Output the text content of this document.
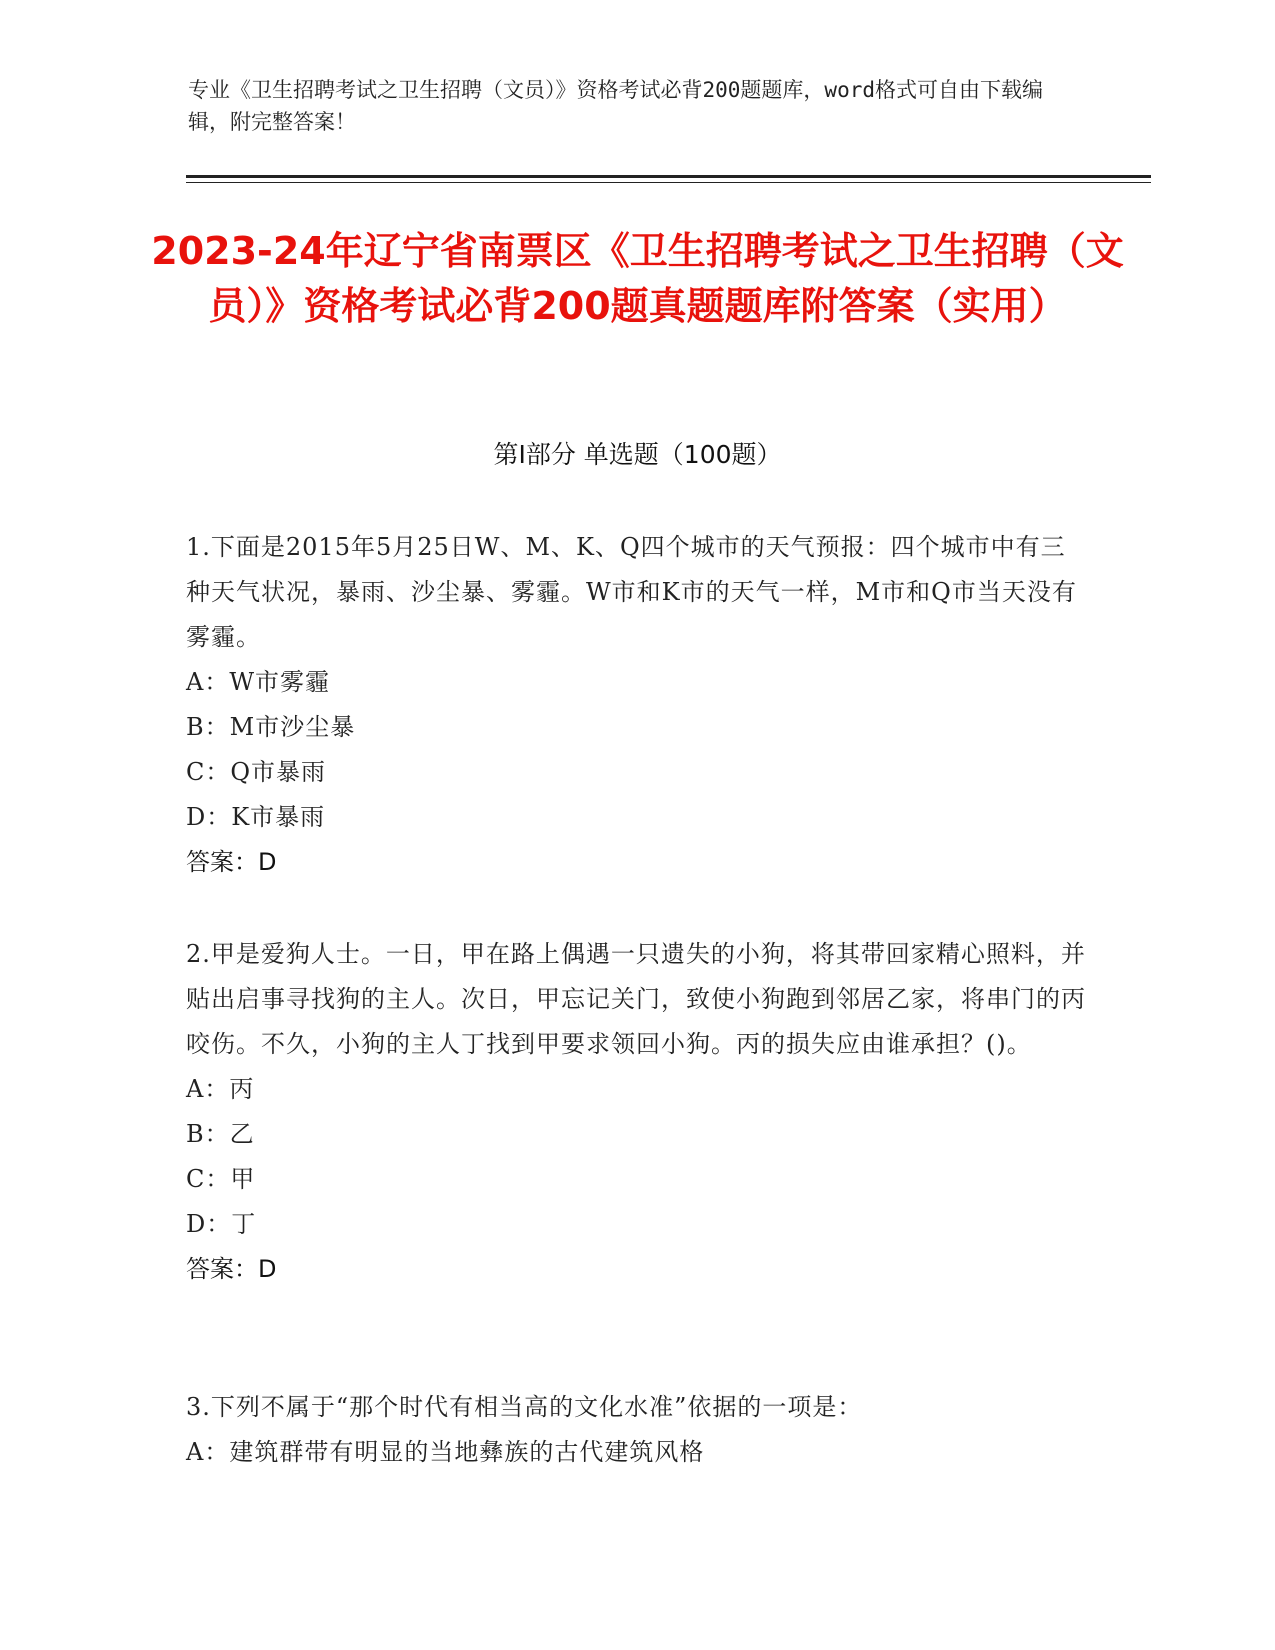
专业《卫生招聘考试之卫生招聘（文员）》资格考试必背200题题库，word格式可自由下载编辑，附完整答案！
2023-24年辽宁省南票区《卫生招聘考试之卫生招聘（文员）》资格考试必背200题真题题库附答案（实用）
第I部分 单选题（100题）
1.下面是2015年5月25日W、M、K、Q四个城市的天气预报：四个城市中有三种天气状况，暴雨、沙尘暴、雾霾。W市和K市的天气一样，M市和Q市当天没有雾霾。
A：W市雾霾
B：M市沙尘暴
C：Q市暴雨
D：K市暴雨
答案：D
2.甲是爱狗人士。一日，甲在路上偶遇一只遗失的小狗，将其带回家精心照料，并贴出启事寻找狗的主人。次日，甲忘记关门，致使小狗跑到邻居乙家，将串门的丙咬伤。不久，小狗的主人丁找到甲要求领回小狗。丙的损失应由谁承担？()。
A：丙
B：乙
C：甲
D：丁
答案：D
3.下列不属于“那个时代有相当高的文化水准”依据的一项是：
A：建筑群带有明显的当地彝族的古代建筑风格
